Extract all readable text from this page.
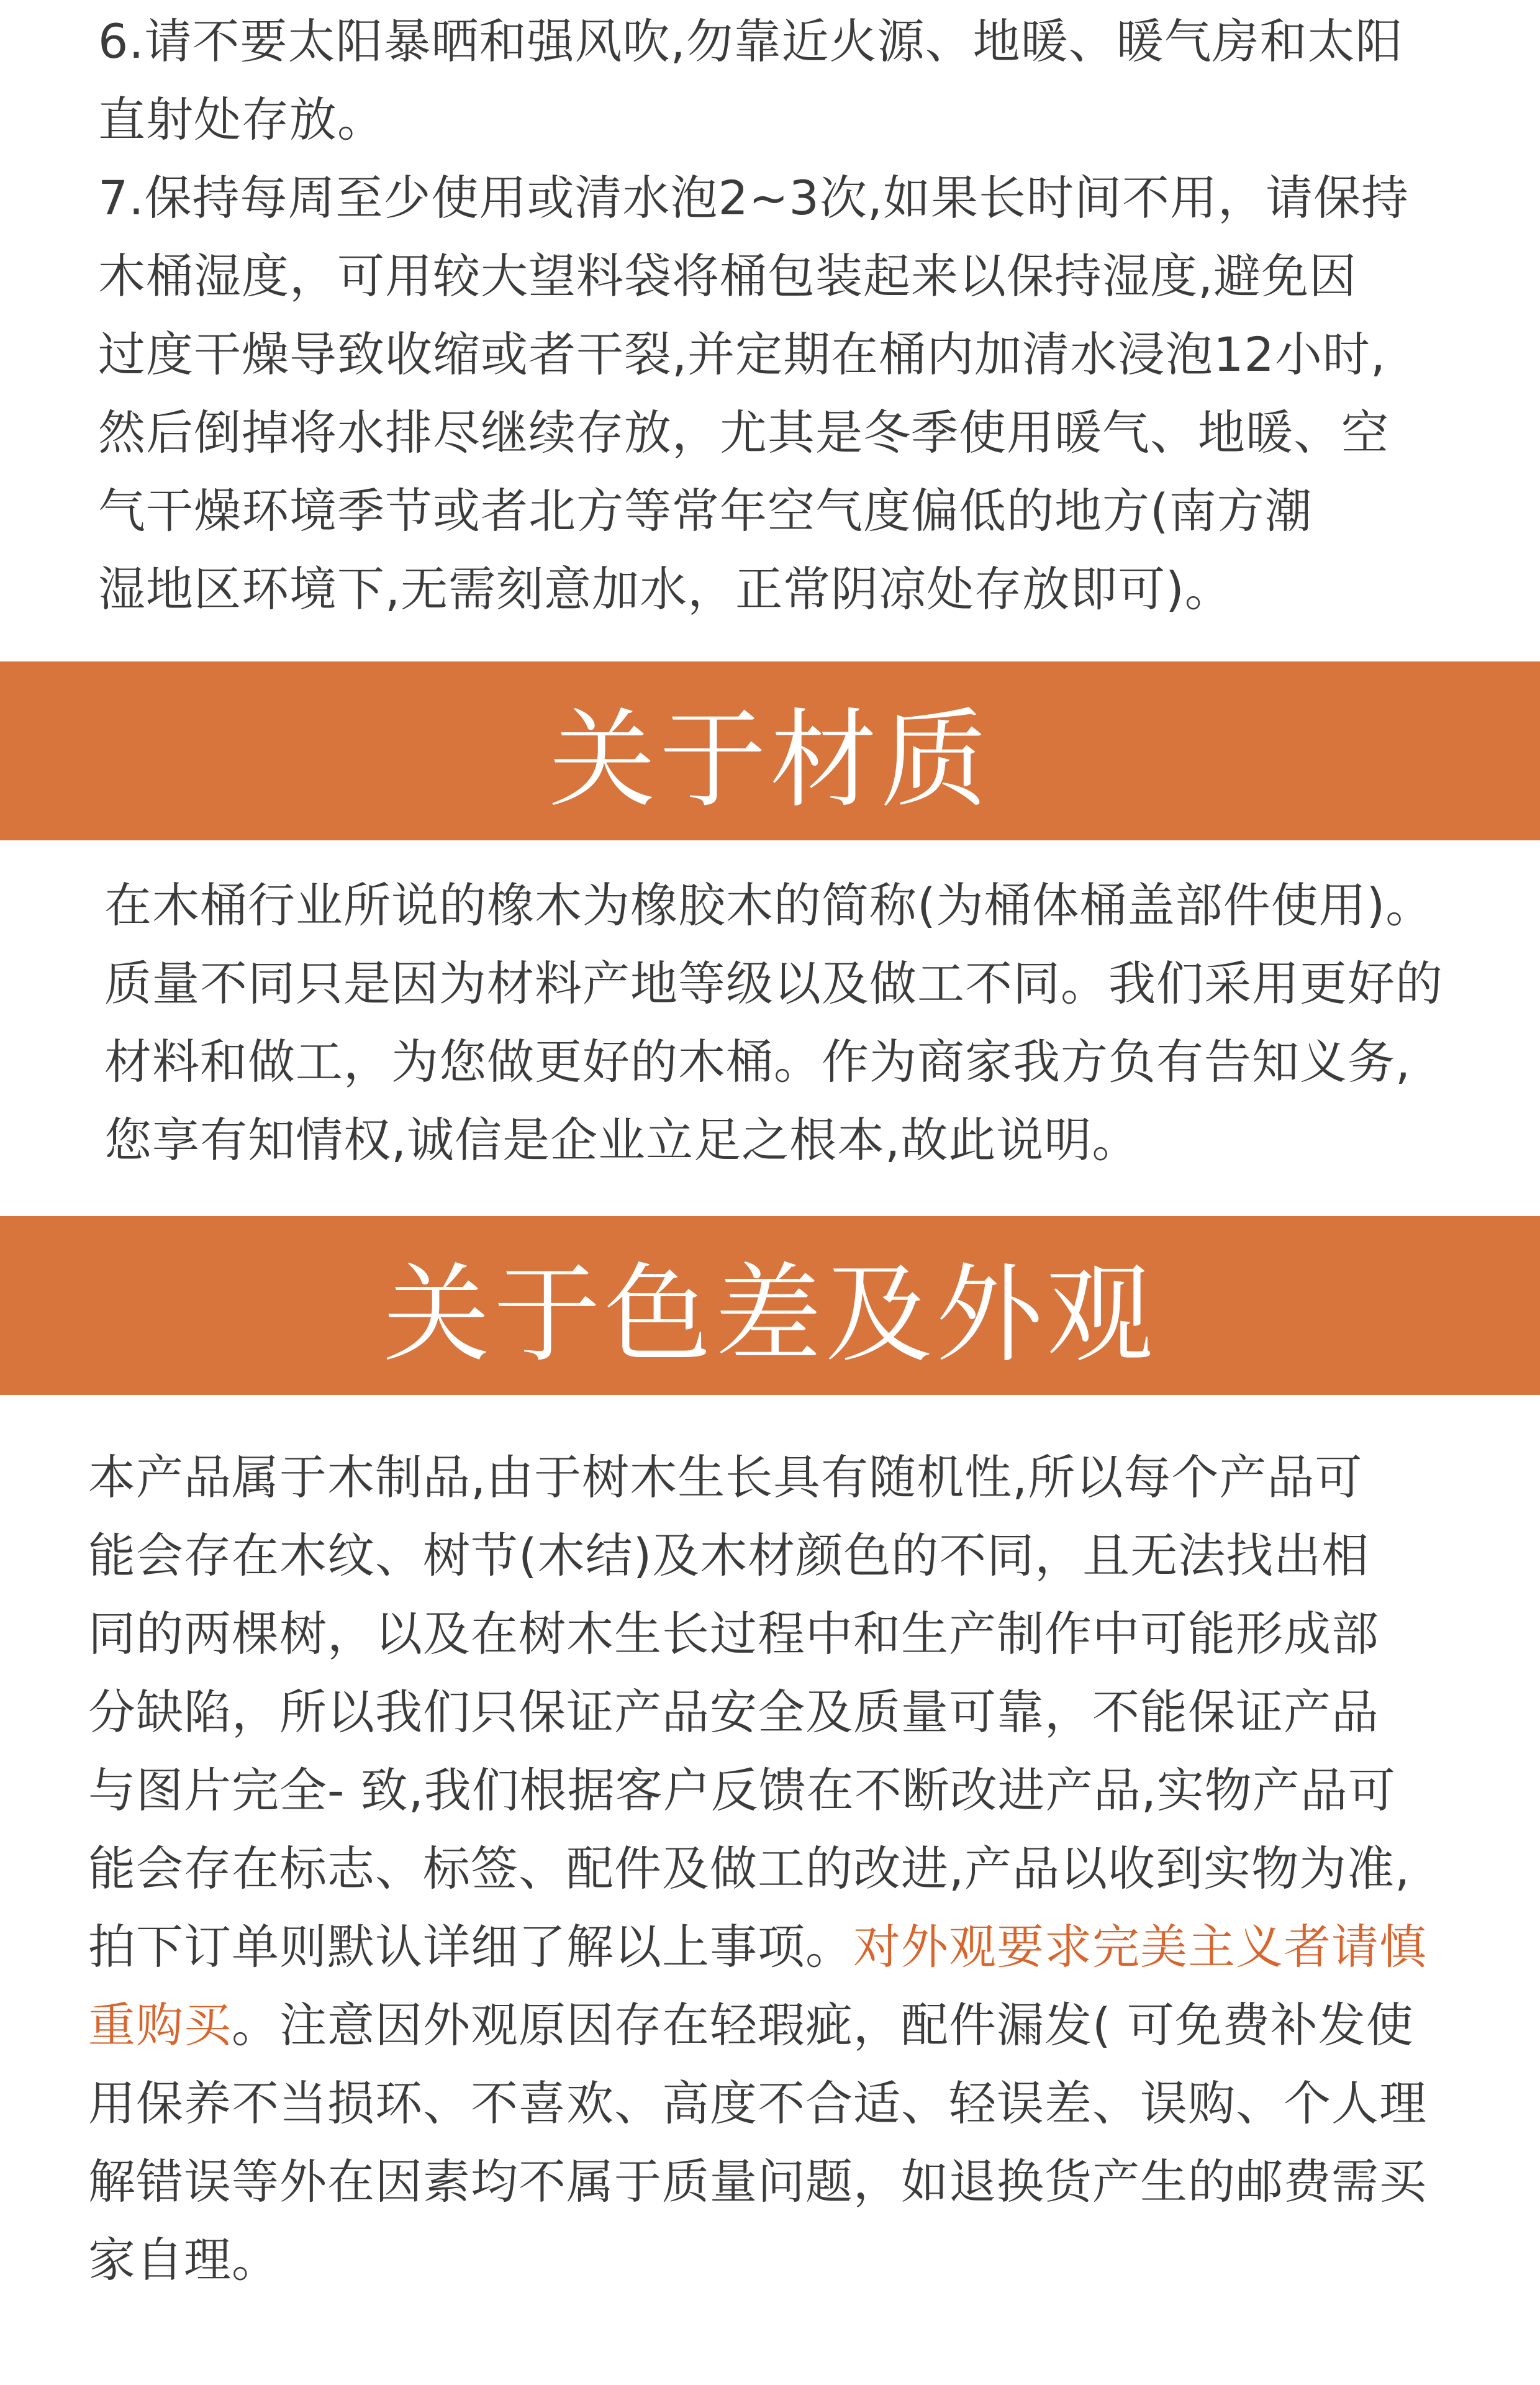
6.请不要太阳暴晒和强风吹,勿靠近火源、地暖、暖气房和太阳
直射处存放。
7.保持每周至少使用或清水泡2~3次,如果长时间不用，请保持
木桶湿度，可用较大望料袋将桶包装起来以保持湿度,避免因
过度干燥导致收缩或者干裂,并定期在桶内加清水浸泡12小时,
然后倒掉将水排尽继续存放，尤其是冬季使用暖气、地暖、空
气干燥环境季节或者北方等常年空气度偏低的地方(南方潮
湿地区环境下,无需刻意加水，正常阴凉处存放即可)。
关于材质
在木桶行业所说的橡木为橡胶木的简称(为桶体桶盖部件使用)。
质量不同只是因为材料产地等级以及做工不同。我们采用更好的
材料和做工，为您做更好的木桶。作为商家我方负有告知义务,
您享有知情权,诚信是企业立足之根本,故此说明。
关于色差及外观
本产品属于木制品,由于树木生长具有随机性,所以每个产品可
能会存在木纹、树节(木结)及木材颜色的不同，且无法找出相
同的两棵树，以及在树木生长过程中和生产制作中可能形成部
分缺陷，所以我们只保证产品安全及质量可靠，不能保证产品
与图片完全- 致,我们根据客户反馈在不断改进产品,实物产品可
能会存在标志、标签、配件及做工的改进,产品以收到实物为准,
拍下订单则默认详细了解以上事项。对外观要求完美主义者请慎
重购买。注意因外观原因存在轻瑕疵，配件漏发( 可免费补发使
用保养不当损环、不喜欢、高度不合适、轻误差、误购、个人理
解错误等外在因素均不属于质量问题，如退换货产生的邮费需买
家自理。
